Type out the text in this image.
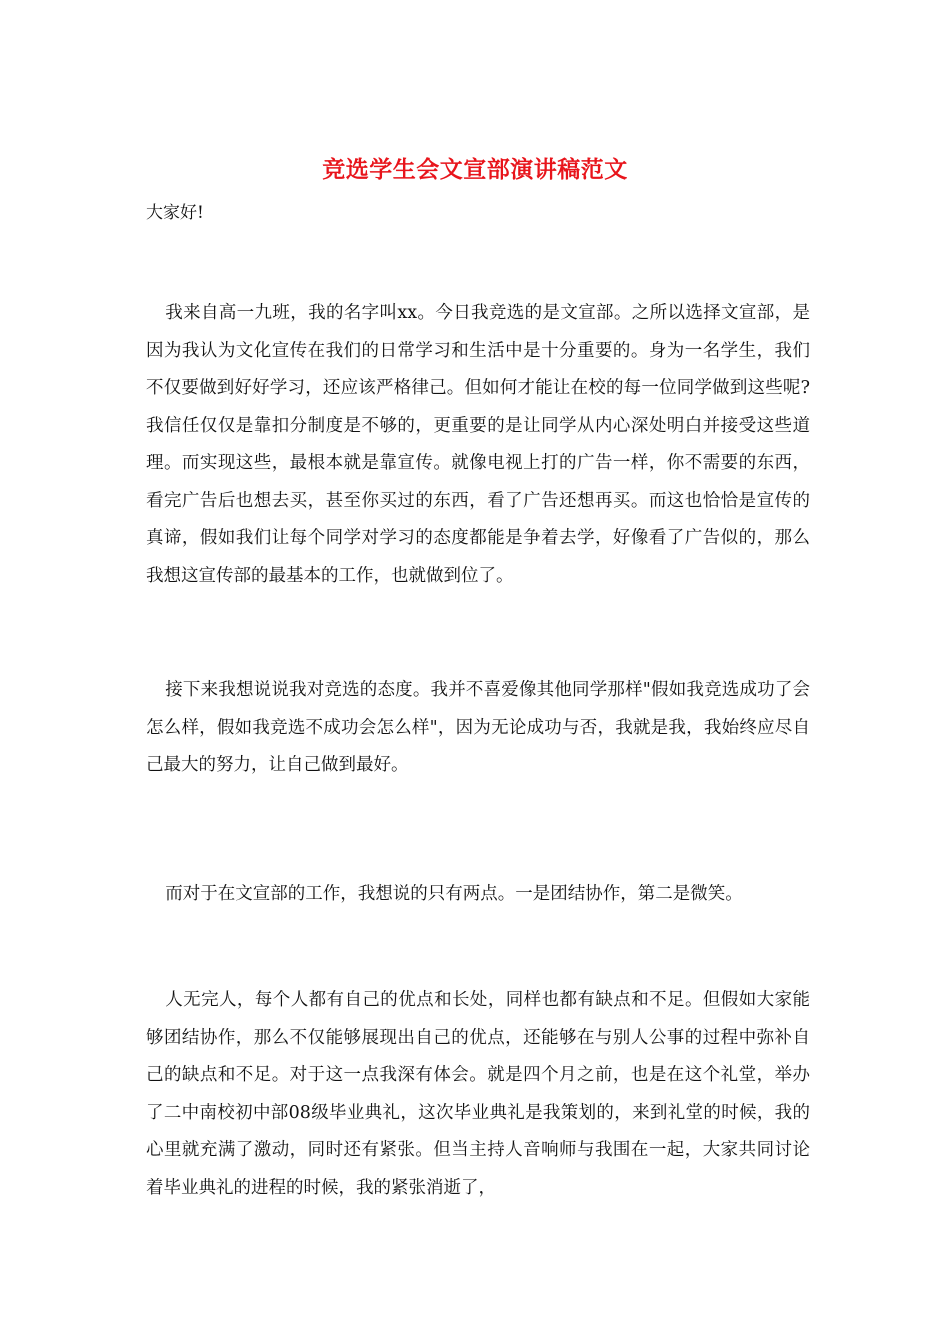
竞选学生会文宣部演讲稿范文

大家好!

我来自高一九班，我的名字叫xx。今日我竞选的是文宣部。之所以选择文宣部，是因为我认为文化宣传在我们的日常学习和生活中是十分重要的。身为一名学生，我们不仅要做到好好学习，还应该严格律己。但如何才能让在校的每一位同学做到这些呢?我信任仅仅是靠扣分制度是不够的，更重要的是让同学从内心深处明白并接受这些道理。而实现这些，最根本就是靠宣传。就像电视上打的广告一样，你不需要的东西，看完广告后也想去买，甚至你买过的东西，看了广告还想再买。而这也恰恰是宣传的真谛，假如我们让每个同学对学习的态度都能是争着去学，好像看了广告似的，那么我想这宣传部的最基本的工作，也就做到位了。

接下来我想说说我对竞选的态度。我并不喜爱像其他同学那样"假如我竞选成功了会怎么样，假如我竞选不成功会怎么样"，因为无论成功与否，我就是我，我始终应尽自己最大的努力，让自己做到最好。

而对于在文宣部的工作，我想说的只有两点。一是团结协作，第二是微笑。

人无完人，每个人都有自己的优点和长处，同样也都有缺点和不足。但假如大家能够团结协作，那么不仅能够展现出自己的优点，还能够在与别人公事的过程中弥补自己的缺点和不足。对于这一点我深有体会。就是四个月之前，也是在这个礼堂，举办了二中南校初中部08级毕业典礼，这次毕业典礼是我策划的，来到礼堂的时候，我的心里就充满了激动，同时还有紧张。但当主持人音响师与我围在一起，大家共同讨论着毕业典礼的进程的时候，我的紧张消逝了，
